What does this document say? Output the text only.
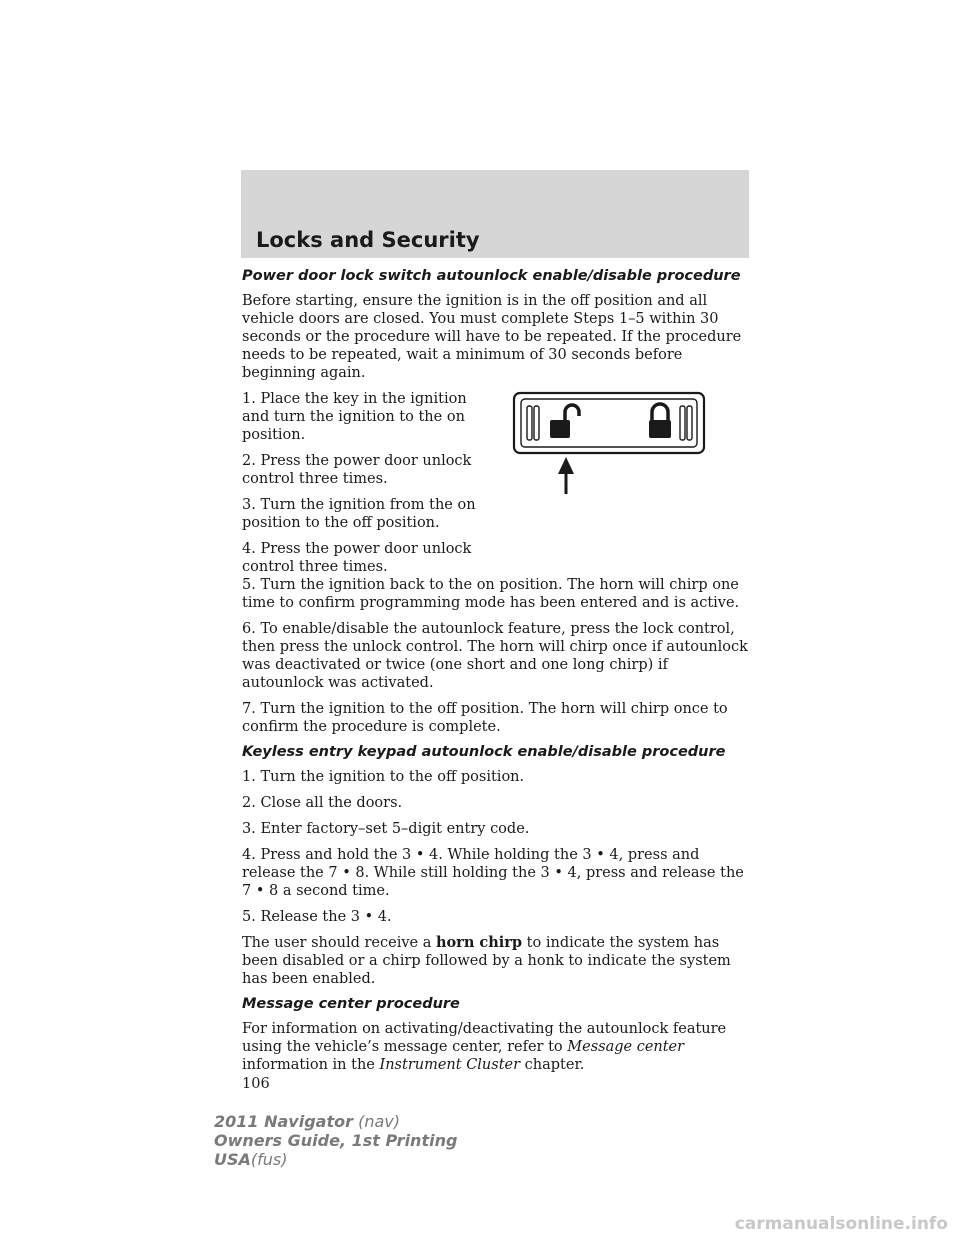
Locks and Security
Power door lock switch autounlock enable/disable procedure

Before starting, ensure the ignition is in the off position and all vehicle doors are closed. You must complete Steps 1–5 within 30 seconds or the procedure will have to be repeated. If the procedure needs to be repeated, wait a minimum of 30 seconds before beginning again.

1. Place the key in the ignition and turn the ignition to the on position.

2. Press the power door unlock control three times.

3. Turn the ignition from the on position to the off position.

4. Press the power door unlock control three times.

5. Turn the ignition back to the on position. The horn will chirp one time to confirm programming mode has been entered and is active.

6. To enable/disable the autounlock feature, press the lock control, then press the unlock control. The horn will chirp once if autounlock was deactivated or twice (one short and one long chirp) if autounlock was activated.

7. Turn the ignition to the off position. The horn will chirp once to confirm the procedure is complete.

Keyless entry keypad autounlock enable/disable procedure

1. Turn the ignition to the off position.

2. Close all the doors.

3. Enter factory–set 5–digit entry code.

4. Press and hold the 3 • 4. While holding the 3 • 4, press and release the 7 • 8. While still holding the 3 • 4, press and release the 7 • 8 a second time.

5. Release the 3 • 4.

The user should receive a horn chirp to indicate the system has been disabled or a chirp followed by a honk to indicate the system has been enabled.

Message center procedure

For information on activating/deactivating the autounlock feature using the vehicle’s message center, refer to Message center information in the Instrument Cluster chapter.

106
2011 Navigator (nav)
Owners Guide, 1st Printing
USA(fus)
carmanualsonline.info
